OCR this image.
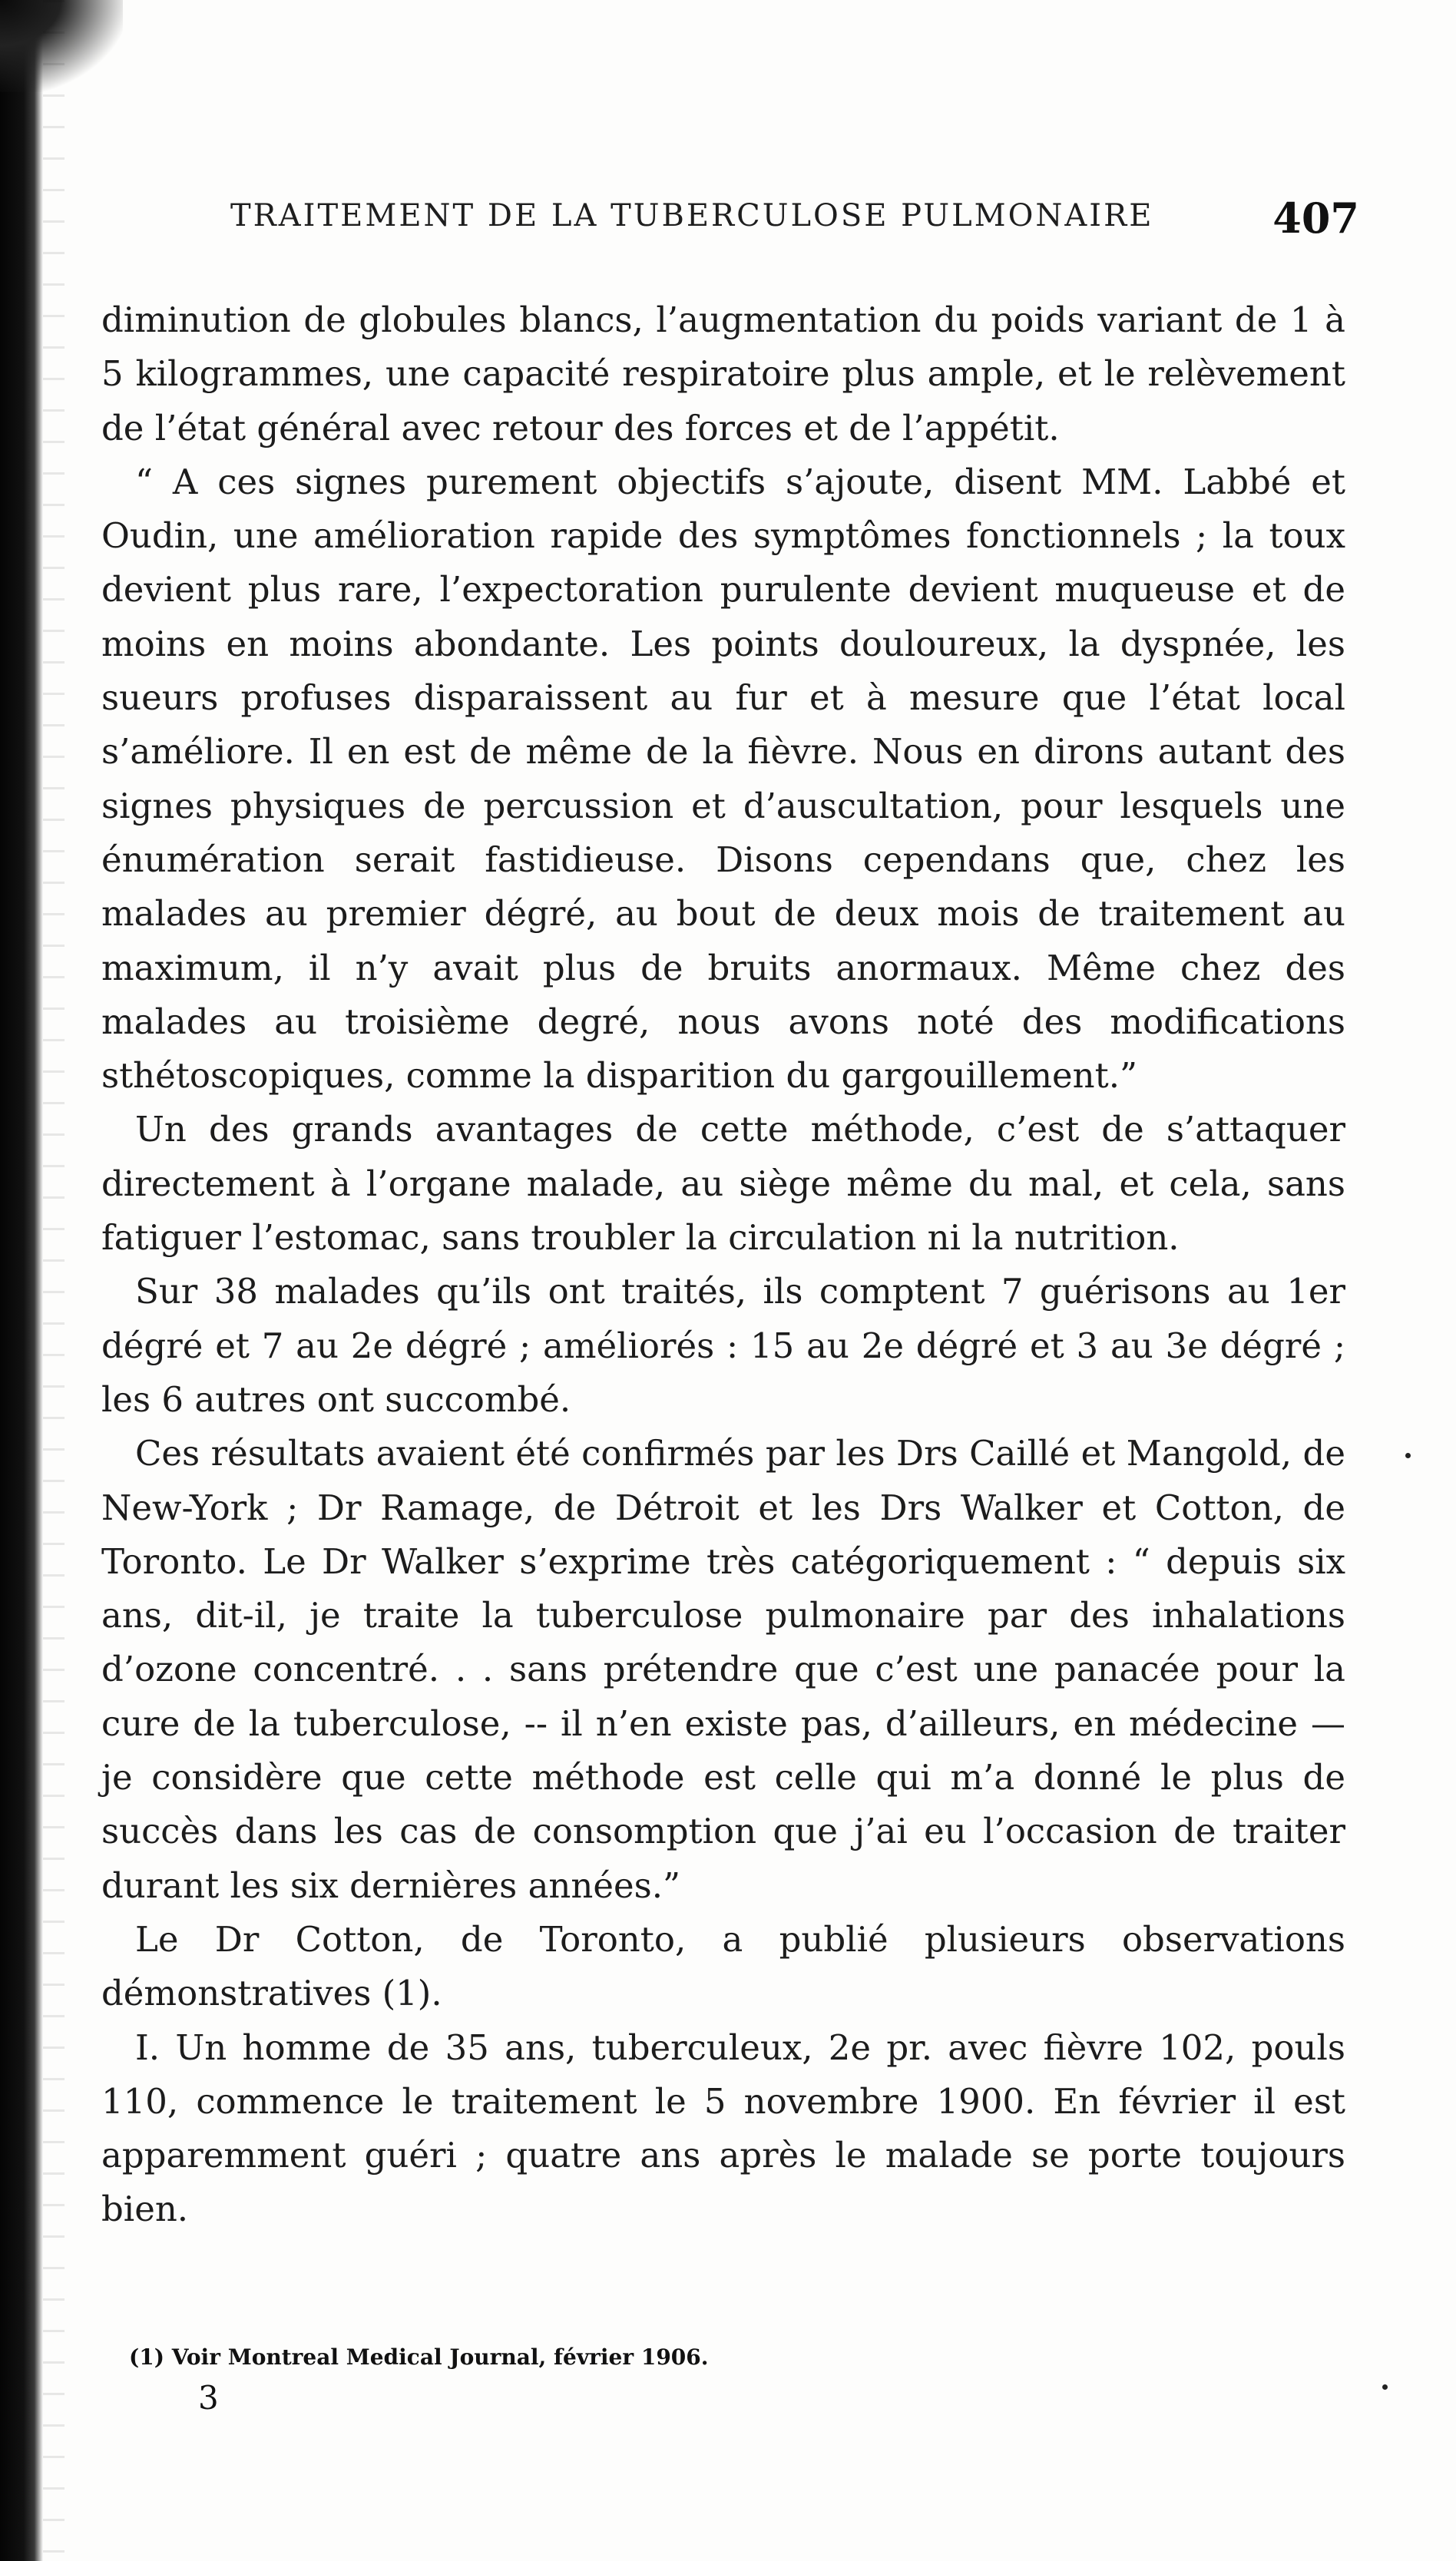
TRAITEMENT DE LA TUBERCULOSE PULMONAIRE	407

diminution de globules blancs, l’augmentation du poids variant de 1 à 5 kilogrammes, une capacité respiratoire plus ample, et le relèvement de l’état général avec retour des forces et de l’appétit.

“ A ces signes purement objectifs s’ajoute, disent MM. Labbé et Oudin, une amélioration rapide des symptômes fonctionnels ; la toux devient plus rare, l’expectoration purulente devient muqueuse et de moins en moins abondante. Les points douloureux, la dyspnée, les sueurs profuses disparaissent au fur et à mesure que l’état local s’améliore. Il en est de même de la fièvre. Nous en dirons autant des signes physiques de percussion et d’auscultation, pour lesquels une énumération serait fastidieuse. Disons cependans que, chez les malades au premier dégré, au bout de deux mois de traitement au maximum, il n’y avait plus de bruits anormaux. Même chez des malades au troisième degré, nous avons noté des modifications sthétoscopiques, comme la disparition du gargouillement.”

Un des grands avantages de cette méthode, c’est de s’attaquer directement à l’organe malade, au siège même du mal, et cela, sans fatiguer l’estomac, sans troubler la circulation ni la nutrition.

Sur 38 malades qu’ils ont traités, ils comptent 7 guérisons au 1er dégré et 7 au 2e dégré ; améliorés : 15 au 2e dégré et 3 au 3e dégré ; les 6 autres ont succombé.

Ces résultats avaient été confirmés par les Drs Caillé et Mangold, de New-York ; Dr Ramage, de Détroit et les Drs Walker et Cotton, de Toronto. Le Dr Walker s’exprime très catégoriquement : “ depuis six ans, dit-il, je traite la tuberculose pulmonaire par des inhalations d’ozone concentré. . . sans prétendre que c’est une panacée pour la cure de la tuberculose, -- il n’en existe pas, d’ailleurs, en médecine — je considère que cette méthode est celle qui m’a donné le plus de succès dans les cas de consomption que j’ai eu l’occasion de traiter durant les six dernières années.”

Le Dr Cotton, de Toronto, a publié plusieurs observations démonstratives (1).

I. Un homme de 35 ans, tuberculeux, 2e pr. avec fièvre 102, pouls 110, commence le traitement le 5 novembre 1900. En février il est apparemment guéri ; quatre ans après le malade se porte toujours bien.

(1) Voir Montreal Medical Journal, février 1906.
3
